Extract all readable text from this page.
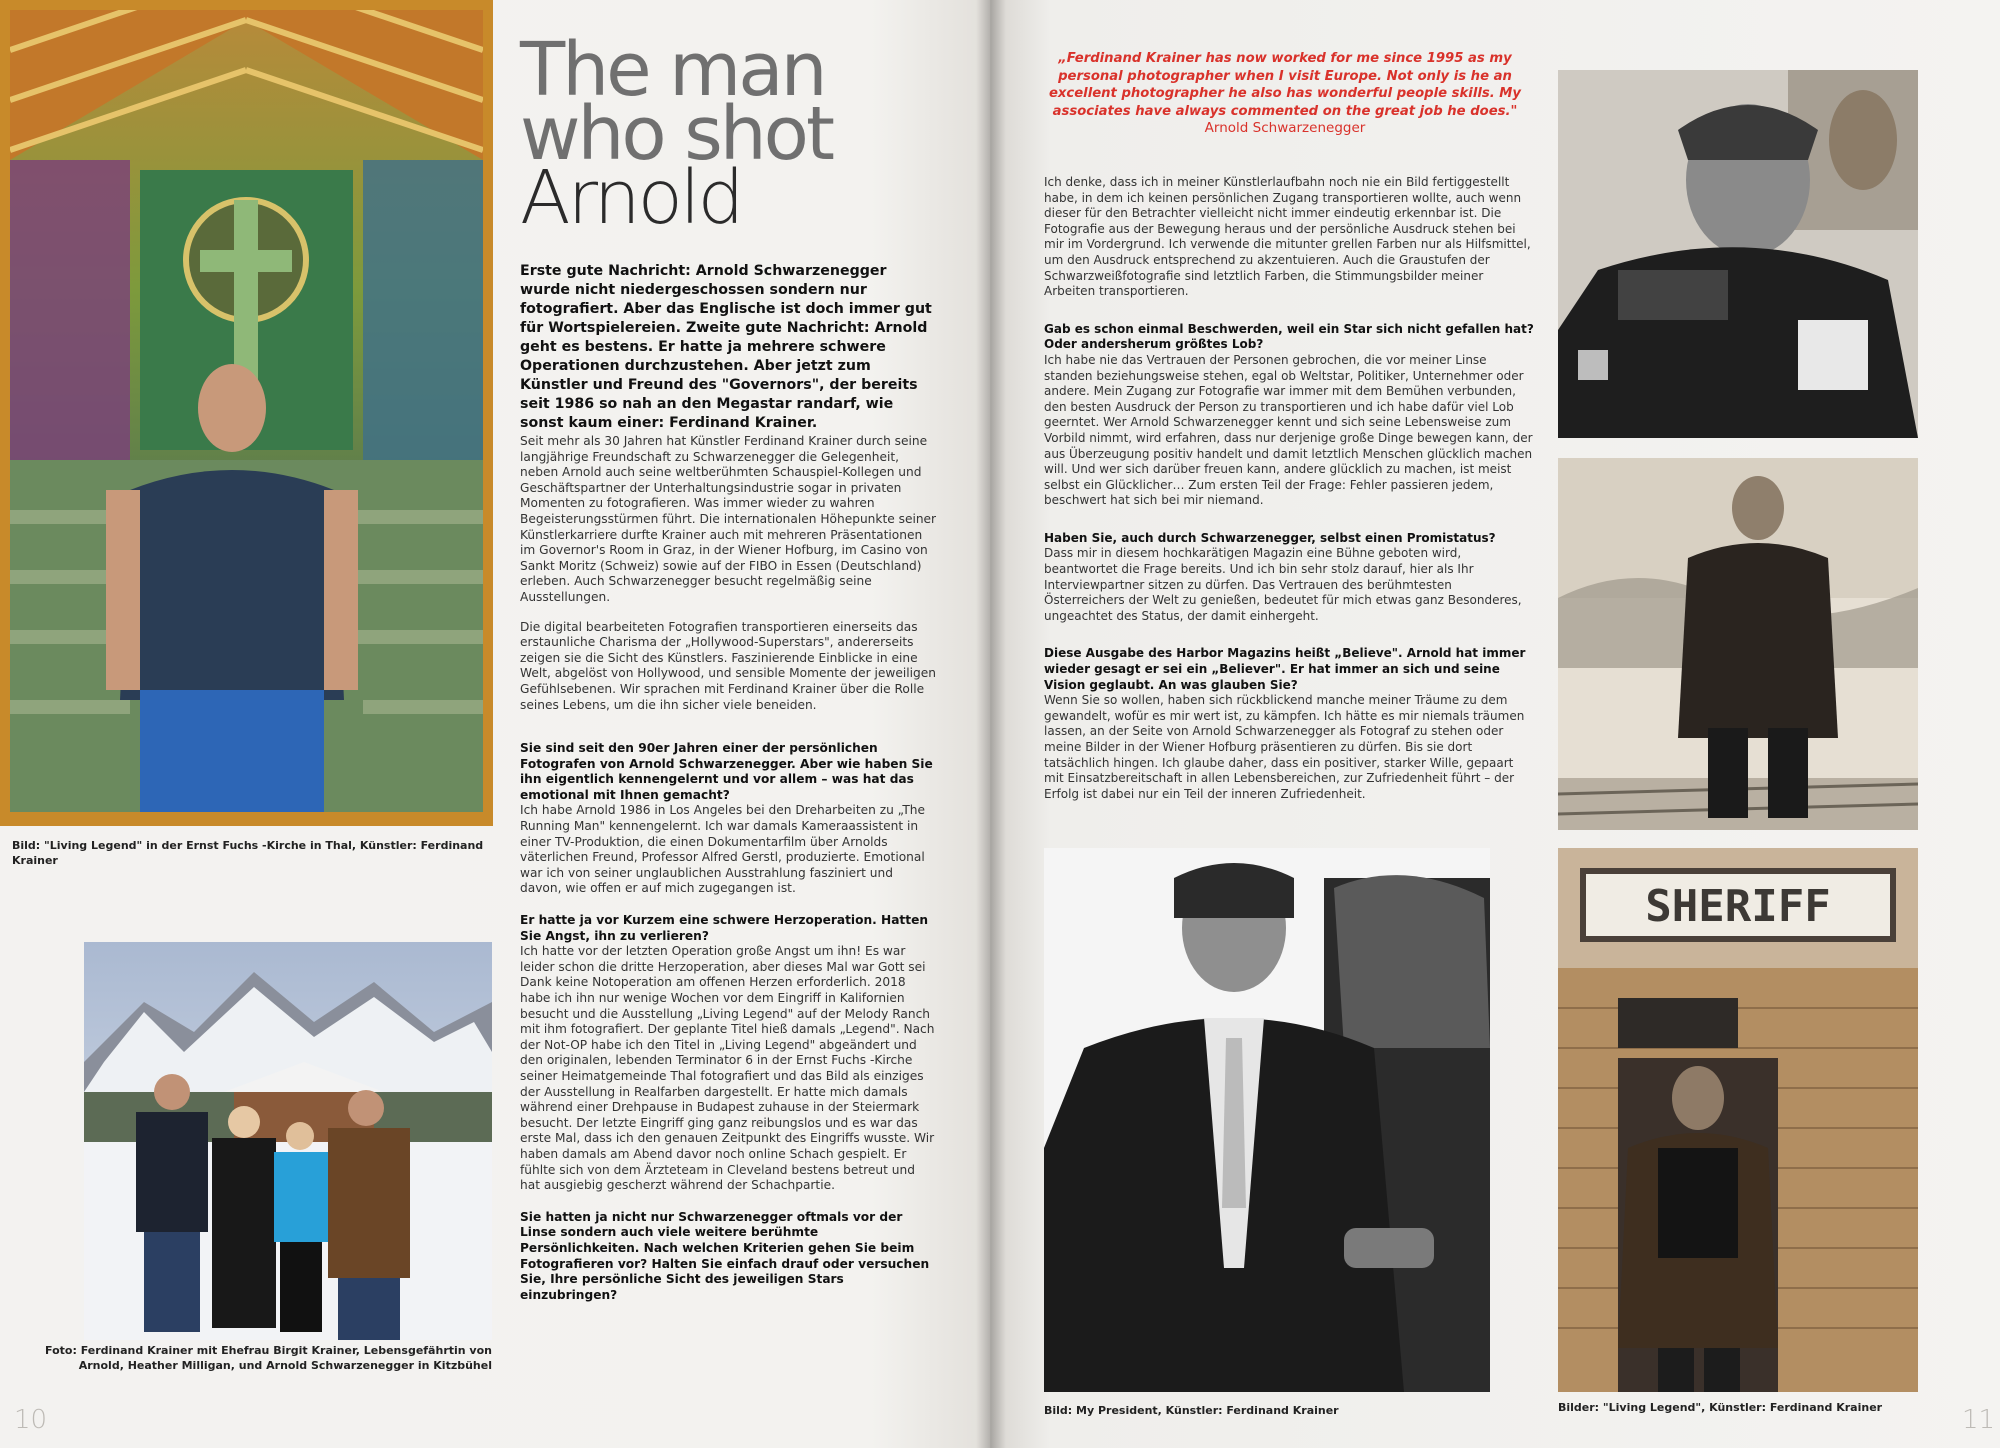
Bild: "Living Legend" in der Ernst Fuchs -Kirche in Thal, Künstler: Ferdinand Krainer
Foto: Ferdinand Krainer mit Ehefrau Birgit Krainer, Lebensgefährtin von Arnold, Heather Milligan, und Arnold Schwarzenegger in Kitzbühel
The man
who shot
Arnold
Erste gute Nachricht: Arnold Schwarzenegger wurde nicht niedergeschossen sondern nur fotografiert. Aber das Englische ist doch immer gut für Wortspielereien. Zweite gute Nachricht: Arnold geht es bestens. Er hatte ja mehrere schwere Operationen durchzustehen. Aber jetzt zum Künstler und Freund des "Governors", der bereits seit 1986 so nah an den Megastar randarf, wie sonst kaum einer: Ferdinand Krainer.

Seit mehr als 30 Jahren hat Künstler Ferdinand Krainer durch seine langjährige Freundschaft zu Schwarzenegger die Gelegenheit, neben Arnold auch seine weltberühmten Schauspiel-Kollegen und Geschäftspartner der Unterhaltungsindustrie sogar in privaten Momenten zu fotografieren. Was immer wieder zu wahren Begeisterungsstürmen führt. Die internationalen Höhepunkte seiner Künstlerkarriere durfte Krainer auch mit mehreren Präsentationen im Governor's Room in Graz, in der Wiener Hofburg, im Casino von Sankt Moritz (Schweiz) sowie auf der FIBO in Essen (Deutschland) erleben. Auch Schwarzenegger besucht regelmäßig seine Ausstellungen.

Die digital bearbeiteten Fotografien transportieren einerseits das erstaunliche Charisma der „Hollywood-Superstars", andererseits zeigen sie die Sicht des Künstlers. Faszinierende Einblicke in eine Welt, abgelöst von Hollywood, und sensible Momente der jeweiligen Gefühlsebenen. Wir sprachen mit Ferdinand Krainer über die Rolle seines Lebens, um die ihn sicher viele beneiden.

Sie sind seit den 90er Jahren einer der persönlichen Fotografen von Arnold Schwarzenegger. Aber wie haben Sie ihn eigentlich kennengelernt und vor allem – was hat das emotional mit Ihnen gemacht?
Ich habe Arnold 1986 in Los Angeles bei den Dreharbeiten zu „The Running Man" kennengelernt. Ich war damals Kameraassistent in einer TV-Produktion, die einen Dokumentarfilm über Arnolds väterlichen Freund, Professor Alfred Gerstl, produzierte. Emotional war ich von seiner unglaublichen Ausstrahlung fasziniert und davon, wie offen er auf mich zugegangen ist.
Er hatte ja vor Kurzem eine schwere Herzoperation. Hatten Sie Angst, ihn zu verlieren?
Ich hatte vor der letzten Operation große Angst um ihn! Es war leider schon die dritte Herzoperation, aber dieses Mal war Gott sei Dank keine Notoperation am offenen Herzen erforderlich. 2018 habe ich ihn nur wenige Wochen vor dem Eingriff in Kalifornien besucht und die Ausstellung „Living Legend" auf der Melody Ranch mit ihm fotografiert. Der geplante Titel hieß damals „Legend". Nach der Not-OP habe ich den Titel in „Living Legend" abgeändert und den originalen, lebenden Terminator 6 in der Ernst Fuchs -Kirche seiner Heimatgemeinde Thal fotografiert und das Bild als einziges der Ausstellung in Realfarben dargestellt. Er hatte mich damals während einer Drehpause in Budapest zuhause in der Steiermark besucht. Der letzte Eingriff ging ganz reibungslos und es war das erste Mal, dass ich den genauen Zeitpunkt des Eingriffs wusste. Wir haben damals am Abend davor noch online Schach gespielt. Er fühlte sich von dem Ärzteteam in Cleveland bestens betreut und hat ausgiebig gescherzt während der Schachpartie.
Sie hatten ja nicht nur Schwarzenegger oftmals vor der Linse sondern auch viele weitere berühmte Persönlichkeiten. Nach welchen Kriterien gehen Sie beim Fotografieren vor? Halten Sie einfach drauf oder versuchen Sie, Ihre persönliche Sicht des jeweiligen Stars einzubringen?
10
„Ferdinand Krainer has now worked for me since 1995 as my personal photographer when I visit Europe. Not only is he an excellent photographer he also has wonderful people skills. My associates have always commented on the great job he does."
Arnold Schwarzenegger

Ich denke, dass ich in meiner Künstlerlaufbahn noch nie ein Bild fertiggestellt habe, in dem ich keinen persönlichen Zugang transportieren wollte, auch wenn dieser für den Betrachter vielleicht nicht immer eindeutig erkennbar ist. Die Fotografie aus der Bewegung heraus und der persönliche Ausdruck stehen bei mir im Vordergrund. Ich verwende die mitunter grellen Farben nur als Hilfsmittel, um den Ausdruck entsprechend zu akzentuieren. Auch die Graustufen der Schwarzweißfotografie sind letztlich Farben, die Stimmungsbilder meiner Arbeiten transportieren.

Gab es schon einmal Beschwerden, weil ein Star sich nicht gefallen hat? Oder andersherum größtes Lob?
Ich habe nie das Vertrauen der Personen gebrochen, die vor meiner Linse standen beziehungsweise stehen, egal ob Weltstar, Politiker, Unternehmer oder andere. Mein Zugang zur Fotografie war immer mit dem Bemühen verbunden, den besten Ausdruck der Person zu transportieren und ich habe dafür viel Lob geerntet. Wer Arnold Schwarzenegger kennt und sich seine Lebensweise zum Vorbild nimmt, wird erfahren, dass nur derjenige große Dinge bewegen kann, der aus Überzeugung positiv handelt und damit letztlich Menschen glücklich machen will. Und wer sich darüber freuen kann, andere glücklich zu machen, ist meist selbst ein Glücklicher… Zum ersten Teil der Frage: Fehler passieren jedem, beschwert hat sich bei mir niemand.
Haben Sie, auch durch Schwarzenegger, selbst einen Promistatus?
Dass mir in diesem hochkarätigen Magazin eine Bühne geboten wird, beantwortet die Frage bereits. Und ich bin sehr stolz darauf, hier als Ihr Interviewpartner sitzen zu dürfen. Das Vertrauen des berühmtesten Österreichers der Welt zu genießen, bedeutet für mich etwas ganz Besonderes, ungeachtet des Status, der damit einhergeht.
Diese Ausgabe des Harbor Magazins heißt „Believe". Arnold hat immer wieder gesagt er sei ein „Believer". Er hat immer an sich und seine Vision geglaubt. An was glauben Sie?
Wenn Sie so wollen, haben sich rückblickend manche meiner Träume zu dem gewandelt, wofür es mir wert ist, zu kämpfen. Ich hätte es mir niemals träumen lassen, an der Seite von Arnold Schwarzenegger als Fotograf zu stehen oder meine Bilder in der Wiener Hofburg präsentieren zu dürfen. Bis sie dort tatsächlich hingen. Ich glaube daher, dass ein positiver, starker Wille, gepaart mit Einsatzbereitschaft in allen Lebensbereichen, zur Zufriedenheit führt – der Erfolg ist dabei nur ein Teil der inneren Zufriedenheit.
Bild: My President, Künstler: Ferdinand Krainer
SHERIFF
Bilder: "Living Legend", Künstler: Ferdinand Krainer	11
